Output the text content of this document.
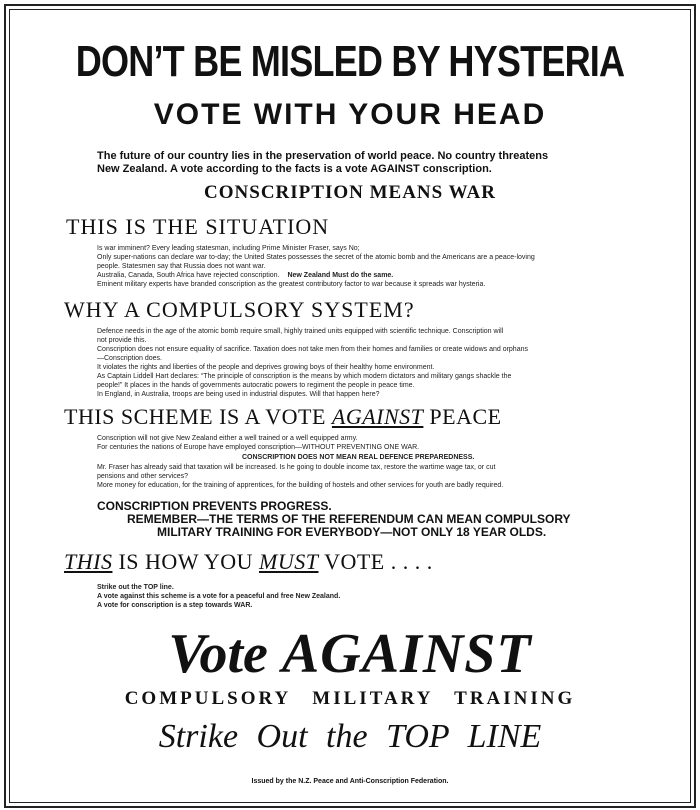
DON’T BE MISLED BY HYSTERIA
VOTE WITH YOUR HEAD
The future of our country lies in the preservation of world peace. No country threatens
New Zealand. A vote according to the facts is a vote AGAINST conscription.
CONSCRIPTION MEANS WAR
THIS IS THE SITUATION
Is war imminent? Every leading statesman, including Prime Minister Fraser, says No;
Only super-nations can declare war to-day; the United States possesses the secret of the atomic bomb and the Americans are a peace-loving
people. Statesmen say that Russia does not want war.
Australia, Canada, South Africa have rejected conscription. New Zealand Must do the same.
Eminent military experts have branded conscription as the greatest contributory factor to war because it spreads war hysteria.
WHY A COMPULSORY SYSTEM?
Defence needs in the age of the atomic bomb require small, highly trained units equipped with scientific technique. Conscription will
not provide this.
Conscription does not ensure equality of sacrifice. Taxation does not take men from their homes and families or create widows and orphans
—Conscription does.
It violates the rights and liberties of the people and deprives growing boys of their healthy home environment.
As Captain Liddell Hart declares: “The principle of conscription is the means by which modern dictators and military gangs shackle the
people!” It places in the hands of governments autocratic powers to regiment the people in peace time.
In England, in Australia, troops are being used in industrial disputes. Will that happen here?
THIS SCHEME IS A VOTE AGAINST PEACE
Conscription will not give New Zealand either a well trained or a well equipped army.
For centuries the nations of Europe have employed conscription—WITHOUT PREVENTING ONE WAR.
CONSCRIPTION DOES NOT MEAN REAL DEFENCE PREPAREDNESS.
Mr. Fraser has already said that taxation will be increased. Is he going to double income tax, restore the wartime wage tax, or cut
pensions and other services?
More money for education, for the training of apprentices, for the building of hostels and other services for youth are badly required.
CONSCRIPTION PREVENTS PROGRESS.
REMEMBER—THE TERMS OF THE REFERENDUM CAN MEAN COMPULSORY
MILITARY TRAINING FOR EVERYBODY—NOT ONLY 18 YEAR OLDS.
THIS IS HOW YOU MUST VOTE . . . .
Strike out the TOP line.
A vote against this scheme is a vote for a peaceful and free New Zealand.
A vote for conscription is a step towards WAR.
Vote AGAINST
COMPULSORY MILITARY TRAINING
Strike Out the TOP LINE
Issued by the N.Z. Peace and Anti-Conscription Federation.
